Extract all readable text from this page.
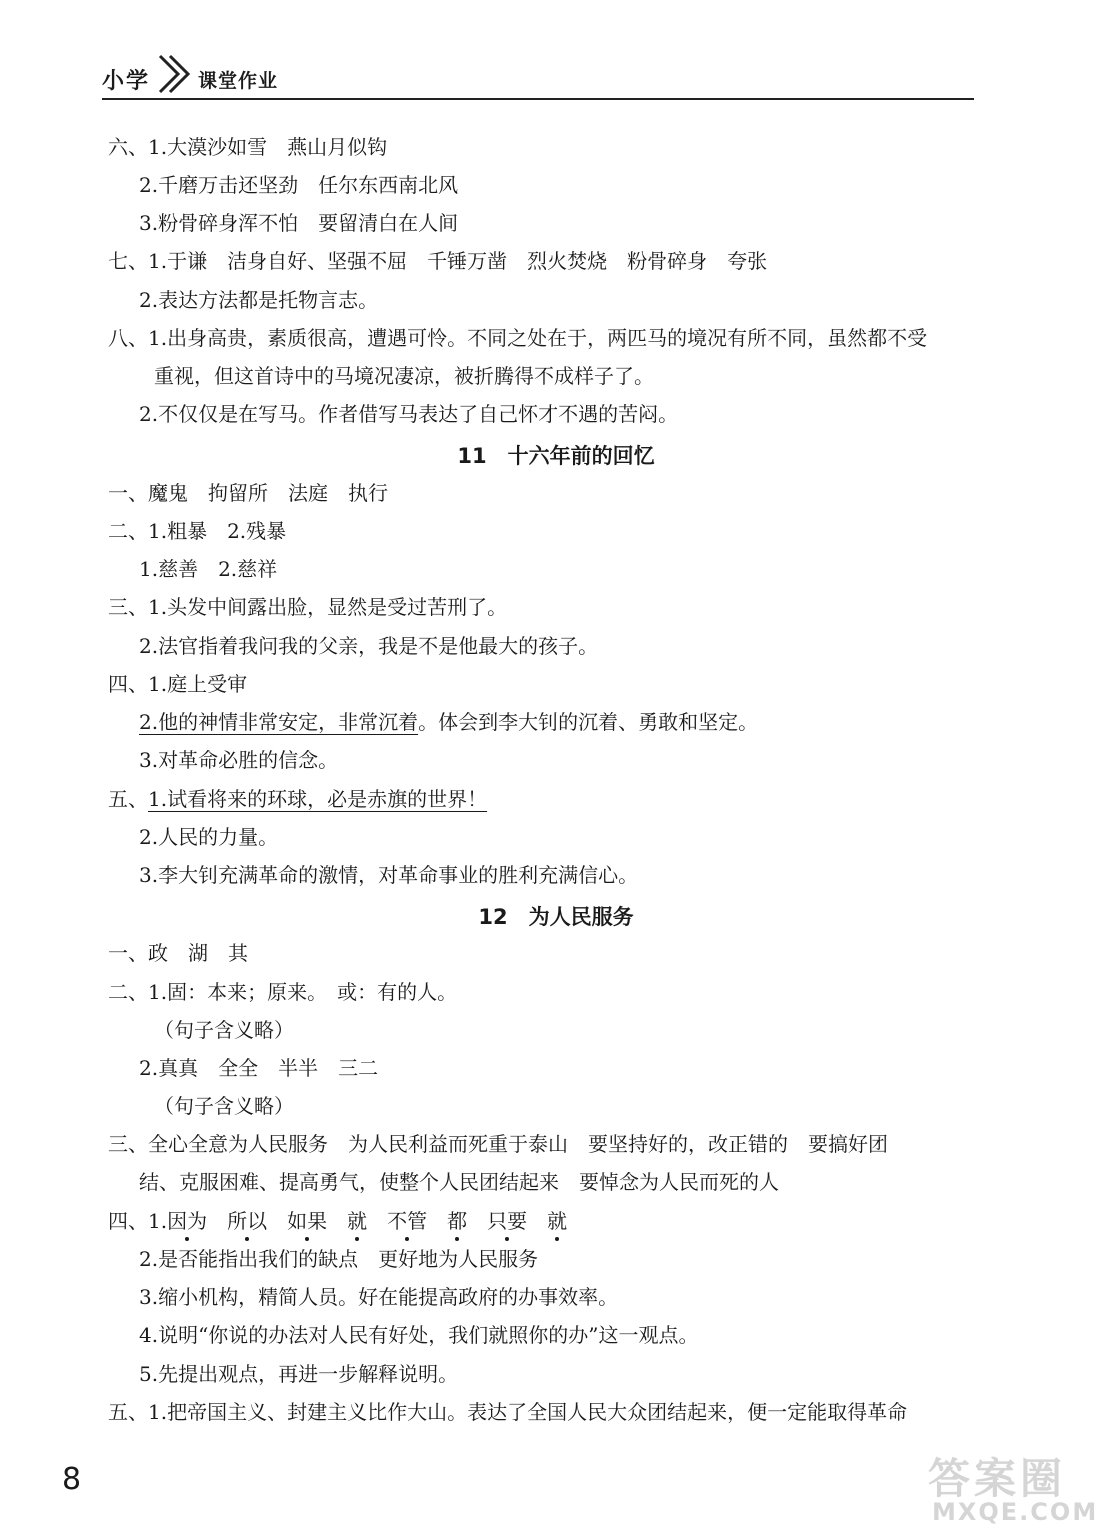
小学	课堂作业
六、1.大漠沙如雪　燕山月似钩
2.千磨万击还坚劲　任尔东西南北风
3.粉骨碎身浑不怕　要留清白在人间
七、1.于谦　洁身自好、坚强不屈　千锤万凿　烈火焚烧　粉骨碎身　夸张
2.表达方法都是托物言志。
八、1.出身高贵，素质很高，遭遇可怜。不同之处在于，两匹马的境况有所不同，虽然都不受
重视，但这首诗中的马境况凄凉，被折腾得不成样子了。
2.不仅仅是在写马。作者借写马表达了自己怀才不遇的苦闷。
11　十六年前的回忆
一、魔鬼　拘留所　法庭　执行
二、1.粗暴　2.残暴
1.慈善　2.慈祥
三、1.头发中间露出脸，显然是受过苦刑了。
2.法官指着我问我的父亲，我是不是他最大的孩子。
四、1.庭上受审
2.他的神情非常安定，非常沉着。体会到李大钊的沉着、勇敢和坚定。
3.对革命必胜的信念。
五、1.试看将来的环球，必是赤旗的世界！
2.人民的力量。
3.李大钊充满革命的激情，对革命事业的胜利充满信心。
12　为人民服务
一、政　湖　其
二、1.固：本来；原来。　或：有的人。
（句子含义略）
2.真真　全全　半半　三二
（句子含义略）
三、全心全意为人民服务　为人民利益而死重于泰山　要坚持好的，改正错的　要搞好团
结、克服困难、提高勇气，使整个人民团结起来　要悼念为人民而死的人
四、1.因为　 所以　 如果　 就　 不管　 都　 只要　 就
2.是否能指出我们的缺点　更好地为人民服务
3.缩小机构，精简人员。好在能提高政府的办事效率。
4.说明“你说的办法对人民有好处，我们就照你的办”这一观点。
5.先提出观点，再进一步解释说明。
五、1.把帝国主义、封建主义比作大山。表达了全国人民大众团结起来，便一定能取得革命
8	答案圈
MXQE.COM
